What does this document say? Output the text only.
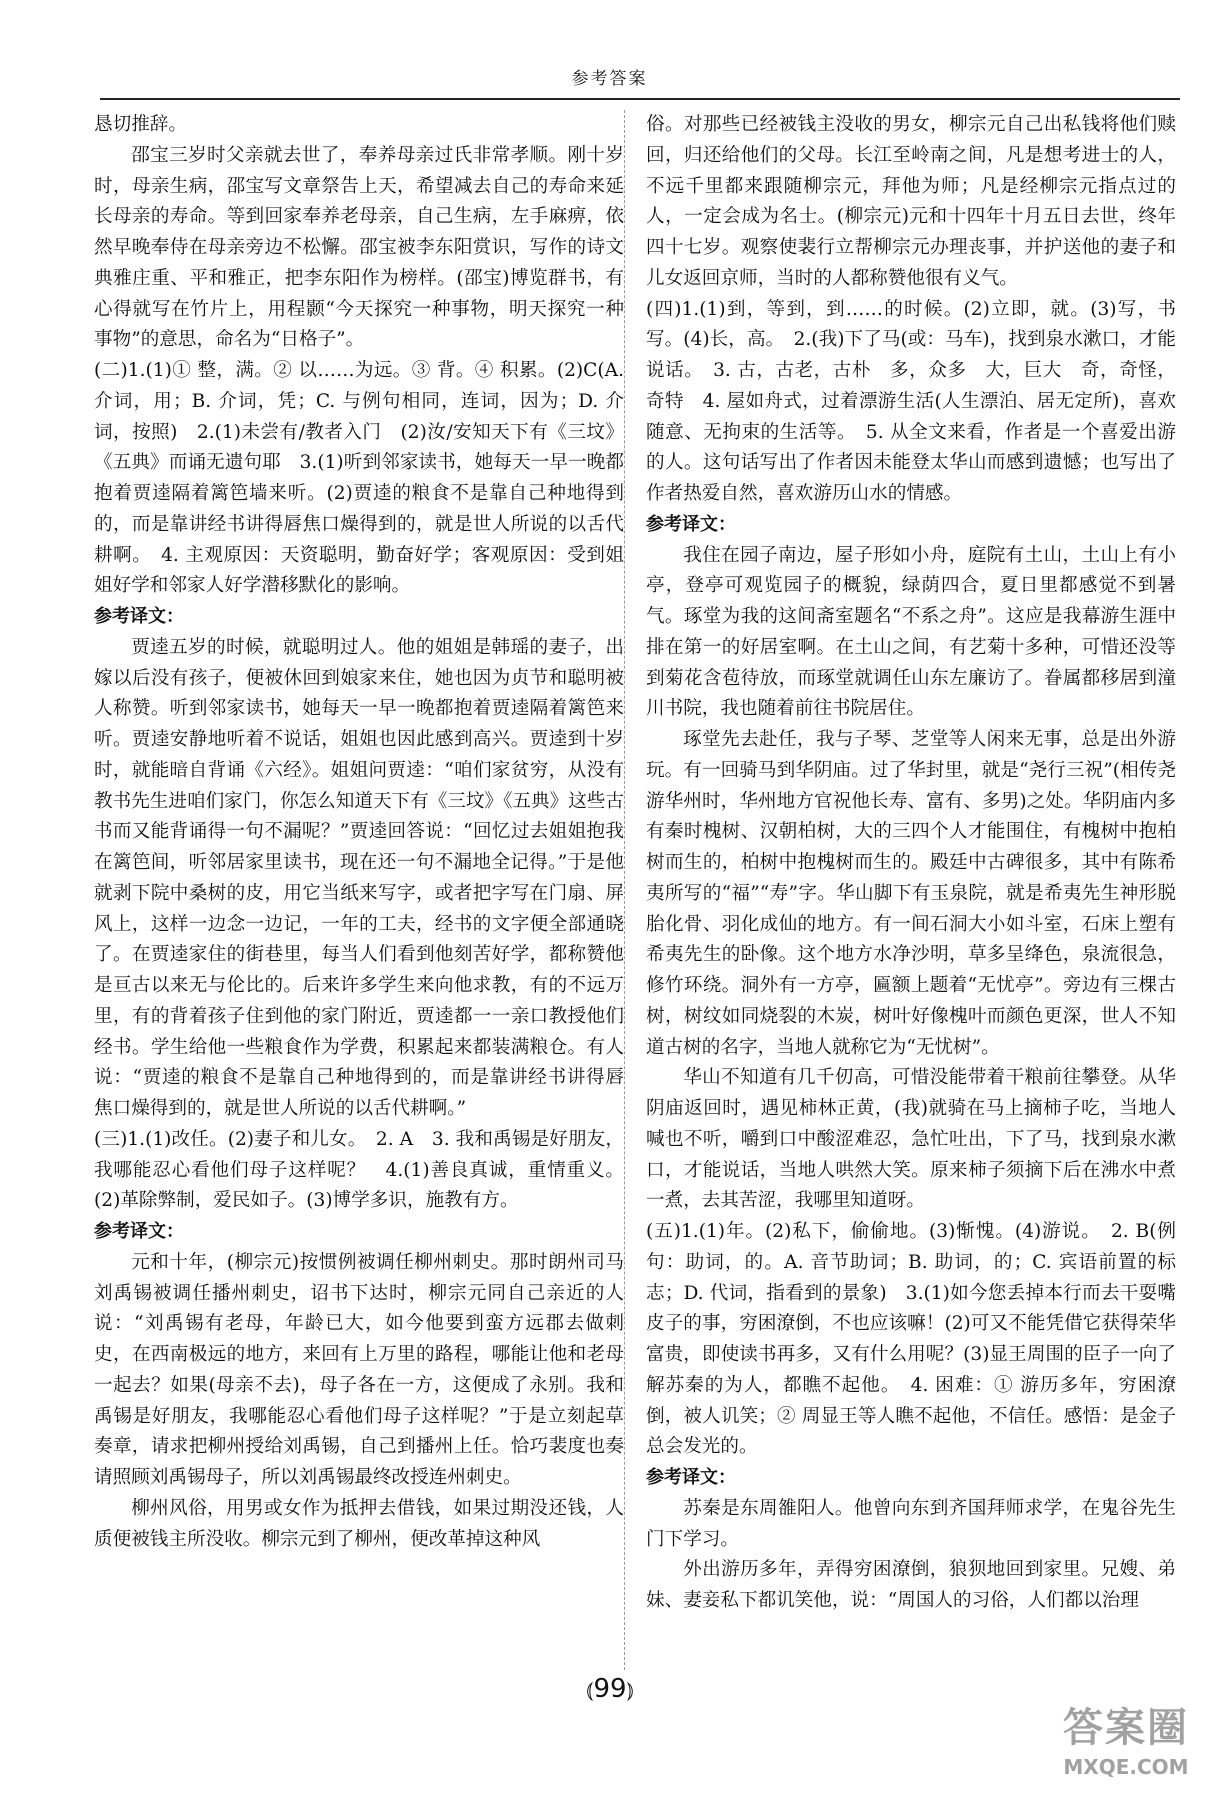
参考答案

恳切推辞。

邵宝三岁时父亲就去世了，奉养母亲过氏非常孝顺。刚十岁时，母亲生病，邵宝写文章祭告上天，希望减去自己的寿命来延长母亲的寿命。等到回家奉养老母亲，自己生病，左手麻痹，依然早晚奉侍在母亲旁边不松懈。邵宝被李东阳赏识，写作的诗文典雅庄重、平和雅正，把李东阳作为榜样。(邵宝)博览群书，有心得就写在竹片上，用程颢“今天探究一种事物，明天探究一种事物”的意思，命名为“日格子”。

(二)1.(1)① 整，满。② 以……为远。③ 背。④ 积累。(2)C(A. 介词，用；B. 介词，凭；C. 与例句相同，连词，因为；D. 介词，按照)　2.(1)未尝有/教者入门　(2)汝/安知天下有《三坟》《五典》而诵无遗句耶　3.(1)听到邻家读书，她每天一早一晚都抱着贾逵隔着篱笆墙来听。(2)贾逵的粮食不是靠自己种地得到的，而是靠讲经书讲得唇焦口燥得到的，就是世人所说的以舌代耕啊。　4. 主观原因：天资聪明，勤奋好学；客观原因：受到姐姐好学和邻家人好学潜移默化的影响。

参考译文：

贾逵五岁的时候，就聪明过人。他的姐姐是韩瑶的妻子，出嫁以后没有孩子，便被休回到娘家来住，她也因为贞节和聪明被人称赞。听到邻家读书，她每天一早一晚都抱着贾逵隔着篱笆来听。贾逵安静地听着不说话，姐姐也因此感到高兴。贾逵到十岁时，就能暗自背诵《六经》。姐姐问贾逵：“咱们家贫穷，从没有教书先生进咱们家门，你怎么知道天下有《三坟》《五典》这些古书而又能背诵得一句不漏呢？”贾逵回答说：“回忆过去姐姐抱我在篱笆间，听邻居家里读书，现在还一句不漏地全记得。”于是他就剥下院中桑树的皮，用它当纸来写字，或者把字写在门扇、屏风上，这样一边念一边记，一年的工夫，经书的文字便全部通晓了。在贾逵家住的街巷里，每当人们看到他刻苦好学，都称赞他是亘古以来无与伦比的。后来许多学生来向他求教，有的不远万里，有的背着孩子住到他的家门附近，贾逵都一一亲口教授他们经书。学生给他一些粮食作为学费，积累起来都装满粮仓。有人说：“贾逵的粮食不是靠自己种地得到的，而是靠讲经书讲得唇焦口燥得到的，就是世人所说的以舌代耕啊。”

(三)1.(1)改任。(2)妻子和儿女。　2. A　3. 我和禹锡是好朋友，我哪能忍心看他们母子这样呢？　4.(1)善良真诚，重情重义。(2)革除弊制，爱民如子。(3)博学多识，施教有方。

参考译文：

元和十年，(柳宗元)按惯例被调任柳州刺史。那时朗州司马刘禹锡被调任播州刺史，诏书下达时，柳宗元同自己亲近的人说：“刘禹锡有老母，年龄已大，如今他要到蛮方远郡去做刺史，在西南极远的地方，来回有上万里的路程，哪能让他和老母一起去？如果(母亲不去)，母子各在一方，这便成了永别。我和禹锡是好朋友，我哪能忍心看他们母子这样呢？”于是立刻起草奏章，请求把柳州授给刘禹锡，自己到播州上任。恰巧裴度也奏请照顾刘禹锡母子，所以刘禹锡最终改授连州刺史。

柳州风俗，用男或女作为抵押去借钱，如果过期没还钱，人质便被钱主所没收。柳宗元到了柳州，便改革掉这种风

俗。对那些已经被钱主没收的男女，柳宗元自己出私钱将他们赎回，归还给他们的父母。长江至岭南之间，凡是想考进士的人，不远千里都来跟随柳宗元，拜他为师；凡是经柳宗元指点过的人，一定会成为名士。(柳宗元)元和十四年十月五日去世，终年四十七岁。观察使裴行立帮柳宗元办理丧事，并护送他的妻子和儿女返回京师，当时的人都称赞他很有义气。

(四)1.(1)到，等到，到……的时候。(2)立即，就。(3)写，书写。(4)长，高。　2.(我)下了马(或：马车)，找到泉水漱口，才能说话。　3. 古，古老，古朴　多，众多　大，巨大　奇，奇怪，奇特　4. 屋如舟式，过着漂游生活(人生漂泊、居无定所)，喜欢随意、无拘束的生活等。　5. 从全文来看，作者是一个喜爱出游的人。这句话写出了作者因未能登太华山而感到遗憾；也写出了作者热爱自然，喜欢游历山水的情感。

参考译文：

我住在园子南边，屋子形如小舟，庭院有土山，土山上有小亭，登亭可观览园子的概貌，绿荫四合，夏日里都感觉不到暑气。琢堂为我的这间斋室题名“不系之舟”。这应是我幕游生涯中排在第一的好居室啊。在土山之间，有艺菊十多种，可惜还没等到菊花含苞待放，而琢堂就调任山东左廉访了。眷属都移居到潼川书院，我也随着前往书院居住。

琢堂先去赴任，我与子琴、芝堂等人闲来无事，总是出外游玩。有一回骑马到华阴庙。过了华封里，就是“尧行三祝”(相传尧游华州时，华州地方官祝他长寿、富有、多男)之处。华阴庙内多有秦时槐树、汉朝柏树，大的三四个人才能围住，有槐树中抱柏树而生的，柏树中抱槐树而生的。殿廷中古碑很多，其中有陈希夷所写的“福”“寿”字。华山脚下有玉泉院，就是希夷先生神形脱胎化骨、羽化成仙的地方。有一间石洞大小如斗室，石床上塑有希夷先生的卧像。这个地方水净沙明，草多呈绛色，泉流很急，修竹环绕。洞外有一方亭，匾额上题着“无忧亭”。旁边有三棵古树，树纹如同烧裂的木炭，树叶好像槐叶而颜色更深，世人不知道古树的名字，当地人就称它为“无忧树”。

华山不知道有几千仞高，可惜没能带着干粮前往攀登。从华阴庙返回时，遇见柿林正黄，(我)就骑在马上摘柿子吃，当地人喊也不听，嚼到口中酸涩难忍，急忙吐出，下了马，找到泉水漱口，才能说话，当地人哄然大笑。原来柿子须摘下后在沸水中煮一煮，去其苦涩，我哪里知道呀。

(五)1.(1)年。(2)私下，偷偷地。(3)惭愧。(4)游说。　2. B(例句：助词，的。A. 音节助词；B. 助词，的；C. 宾语前置的标志；D. 代词，指看到的景象)　3.(1)如今您丢掉本行而去干耍嘴皮子的事，穷困潦倒，不也应该嘛！(2)可又不能凭借它获得荣华富贵，即使读书再多，又有什么用呢？(3)显王周围的臣子一向了解苏秦的为人，都瞧不起他。　4. 困难：① 游历多年，穷困潦倒，被人讥笑；② 周显王等人瞧不起他，不信任。感悟：是金子总会发光的。

参考译文：

苏秦是东周雒阳人。他曾向东到齐国拜师求学，在鬼谷先生门下学习。

外出游历多年，弄得穷困潦倒，狼狈地回到家里。兄嫂、弟妹、妻妾私下都讥笑他，说：“周国人的习俗，人们都以治理

⦅99⦆
答案圈
MXQE.COM
